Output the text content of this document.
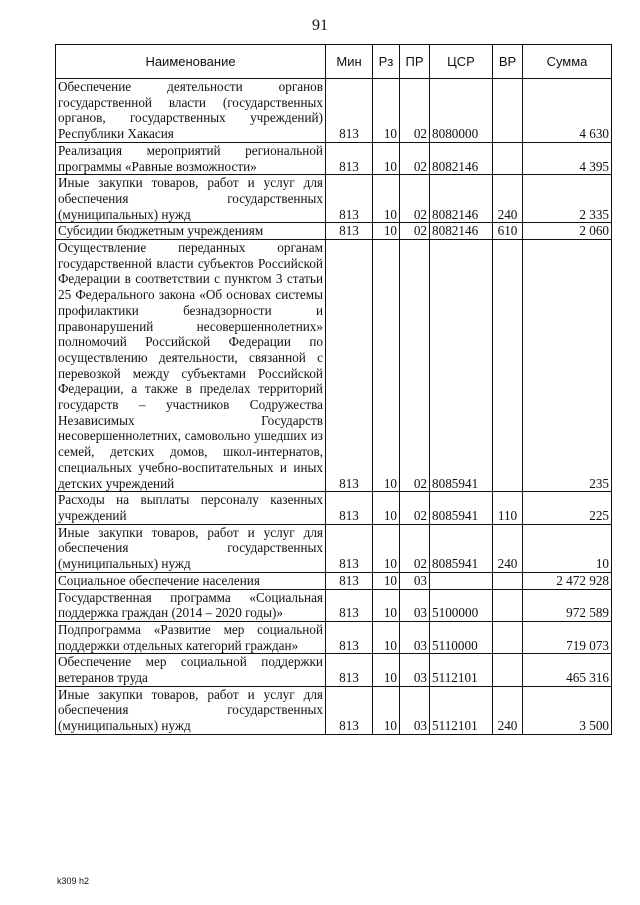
91
Наименование	Мин	Рз	ПР	ЦСР	ВР	Сумма
Обеспечение деятельности органов государственной власти (государственных органов, государственных учреждений) Республики Хакасия	813	10	02	8080000		4 630
Реализация мероприятий региональной программы «Равные возможности»	813	10	02	8082146		4 395
Иные закупки товаров, работ и услуг для обеспечения государственных (муниципальных) нужд	813	10	02	8082146	240	2 335
Субсидии бюджетным учреждениям	813	10	02	8082146	610	2 060
Осуществление переданных органам государственной власти субъектов Российской Федерации в соответствии с пунктом 3 статьи 25 Федерального закона «Об основах системы профилактики безнадзорности и правонарушений несовершеннолетних» полномочий Российской Федерации по осуществлению деятельности, связанной с перевозкой между субъектами Российской Федерации, а также в пределах территорий государств – участников Содружества Независимых Государств несовершеннолетних, самовольно ушедших из семей, детских домов, школ-интернатов, специальных учебно-воспитательных и иных детских учреждений	813	10	02	8085941		235
Расходы на выплаты персоналу казенных учреждений	813	10	02	8085941	110	225
Иные закупки товаров, работ и услуг для обеспечения государственных (муниципальных) нужд	813	10	02	8085941	240	10
Социальное обеспечение населения	813	10	03			2 472 928
Государственная программа «Социальная поддержка граждан (2014 – 2020 годы)»	813	10	03	5100000		972 589
Подпрограмма «Развитие мер социальной поддержки отдельных категорий граждан»	813	10	03	5110000		719 073
Обеспечение мер социальной поддержки ветеранов труда	813	10	03	5112101		465 316
Иные закупки товаров, работ и услуг для обеспечения государственных (муниципальных) нужд	813	10	03	5112101	240	3 500
k309 h2
